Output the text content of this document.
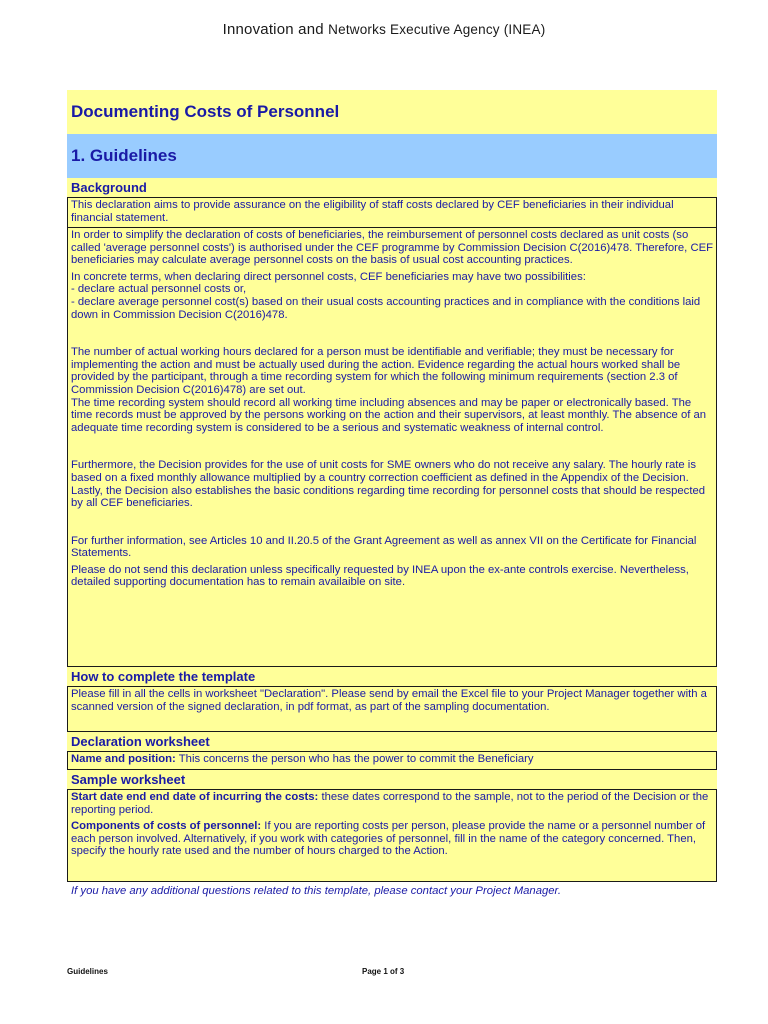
Innovation and Networks Executive Agency (INEA)
Documenting Costs of Personnel
1. Guidelines
Background

This declaration aims to provide assurance on the eligibility of staff costs declared by CEF beneficiaries in their individual financial statement.

In order to simplify the declaration of costs of beneficiaries, the reimbursement of personnel costs declared as unit costs (so called 'average personnel costs') is authorised under the CEF programme by Commission Decision C(2016)478. Therefore, CEF beneficiaries may calculate average personnel costs on the basis of usual cost accounting practices.

In concrete terms, when declaring direct personnel costs, CEF beneficiaries may have two possibilities:

- declare actual personnel costs or,

- declare average personnel cost(s) based on their usual costs accounting practices and in compliance with the conditions laid down in Commission Decision C(2016)478.

The number of actual working hours declared for a person must be identifiable and verifiable; they must be necessary for implementing the action and must be actually used during the action. Evidence regarding the actual hours worked shall be provided by the participant, through a time recording system for which the following minimum requirements (section 2.3 of Commission Decision C(2016)478) are set out.

The time recording system should record all working time including absences and may be paper or electronically based. The time records must be approved by the persons working on the action and their supervisors, at least monthly. The absence of an adequate time recording system is considered to be a serious and systematic weakness of internal control.

Furthermore, the Decision provides for the use of unit costs for SME owners who do not receive any salary. The hourly rate is based on a fixed monthly allowance multiplied by a country correction coefficient as defined in the Appendix of the Decision. Lastly, the Decision also establishes the basic conditions regarding time recording for personnel costs that should be respected by all CEF beneficiaries.

For further information, see Articles 10 and II.20.5 of the Grant Agreement as well as annex VII on the Certificate for Financial Statements.

Please do not send this declaration unless specifically requested by INEA upon the ex-ante controls exercise. Nevertheless, detailed supporting documentation has to remain availaible on site.

How to complete the template

Please fill in all the cells in worksheet "Declaration". Please send by email the Excel file to your Project Manager together with a scanned version of the signed declaration, in pdf format, as part of the sampling documentation.

Declaration worksheet

Name and position: This concerns the person who has the power to commit the Beneficiary

Sample worksheet

Start date end end date of incurring the costs: these dates correspond to the sample, not to the period of the Decision or the reporting period.

Components of costs of personnel: If you are reporting costs per person, please provide the name or a personnel number of each person involved. Alternatively, if you work with categories of personnel, fill in the name of the category concerned. Then, specify the hourly rate used and the number of hours charged to the Action.

If you have any additional questions related to this template, please contact your Project Manager.
Guidelines	Page 1 of 3
